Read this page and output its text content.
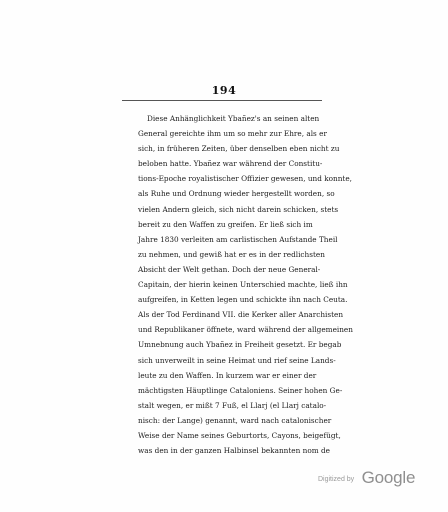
194
Diese Anhänglichkeit Ybañez's an seinen alten
General gereichte ihm um so mehr zur Ehre, als er
sich, in früheren Zeiten, über denselben eben nicht zu
beloben hatte. Ybañez war während der Constitu-
tions-Epoche royalistischer Offizier gewesen, und konnte,
als Ruhe und Ordnung wieder hergestellt worden, so
vielen Andern gleich, sich nicht darein schicken, stets
bereit zu den Waffen zu greifen. Er ließ sich im
Jahre 1830 verleiten am carlistischen Aufstande Theil
zu nehmen, und gewiß hat er es in der redlichsten
Absicht der Welt gethan. Doch der neue General-
Capitain, der hierin keinen Unterschied machte, ließ ihn
aufgreifen, in Ketten legen und schickte ihn nach Ceuta.
Als der Tod Ferdinand VII. die Kerker aller Anarchisten
und Republikaner öffnete, ward während der allgemeinen
Umnebnung auch Ybañez in Freiheit gesetzt. Er begab
sich unverweilt in seine Heimat und rief seine Lands-
leute zu den Waffen. In kurzem war er einer der
mächtigsten Häuptlinge Cataloniens. Seiner hohen Ge-
stalt wegen, er mißt 7 Fuß, el Llarj (el Llarj catalo-
nisch: der Lange) genannt, ward nach catalonischer
Weise der Name seines Geburtorts, Cayons, beigefügt,
was den in der ganzen Halbinsel bekannten nom de
Digitized by Google
